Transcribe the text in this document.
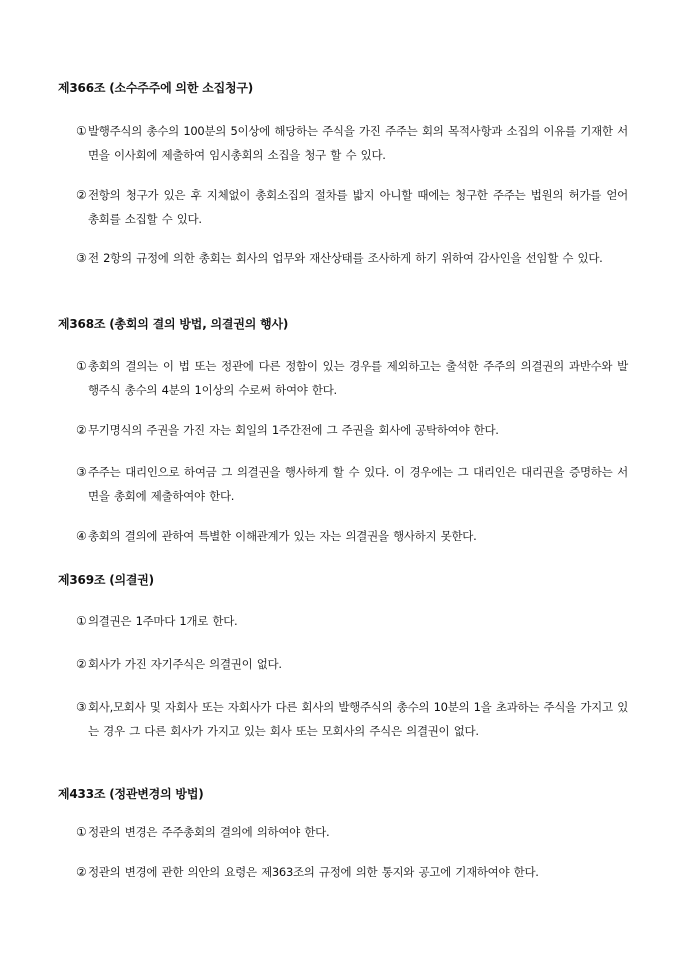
제366조 (소수주주에 의한 소집청구)

① 발행주식의 총수의 100분의 5이상에 해당하는 주식을 가진 주주는 회의 목적사항과 소집의 이유를 기재한 서면을 이사회에 제출하여 임시총회의 소집을 청구 할 수 있다.

② 전항의 청구가 있은 후 지체없이 총회소집의 절차를 밟지 아니할 때에는 청구한 주주는 법원의 허가를 얻어 총회를 소집할 수 있다.

③ 전 2항의 규정에 의한 총회는 회사의 업무와 재산상태를 조사하게 하기 위하여 감사인을 선임할 수 있다.

제368조 (총회의 결의 방법, 의결권의 행사)

① 총회의 결의는 이 법 또는 정관에 다른 정함이 있는 경우를 제외하고는 출석한 주주의 의결권의 과반수와 발행주식 총수의 4분의 1이상의 수로써 하여야 한다.

② 무기명식의 주권을 가진 자는 회일의 1주간전에 그 주권을 회사에 공탁하여야 한다.

③ 주주는 대리인으로 하여금 그 의결권을 행사하게 할 수 있다. 이 경우에는 그 대리인은 대리권을 증명하는 서면을 총회에 제출하여야 한다.

④ 총회의 결의에 관하여 특별한 이해관계가 있는 자는 의결권을 행사하지 못한다.

제369조 (의결권)

① 의결권은 1주마다 1개로 한다.

② 회사가 가진 자기주식은 의결권이 없다.

③ 회사,모회사 및 자회사 또는 자회사가 다른 회사의 발행주식의 총수의 10분의 1을 초과하는 주식을 가지고 있는 경우 그 다른 회사가 가지고 있는 회사 또는 모회사의 주식은 의결권이 없다.

제433조 (정관변경의 방법)

① 정관의 변경은 주주총회의 결의에 의하여야 한다.

② 정관의 변경에 관한 의안의 요령은 제363조의 규정에 의한 통지와 공고에 기재하여야 한다.
